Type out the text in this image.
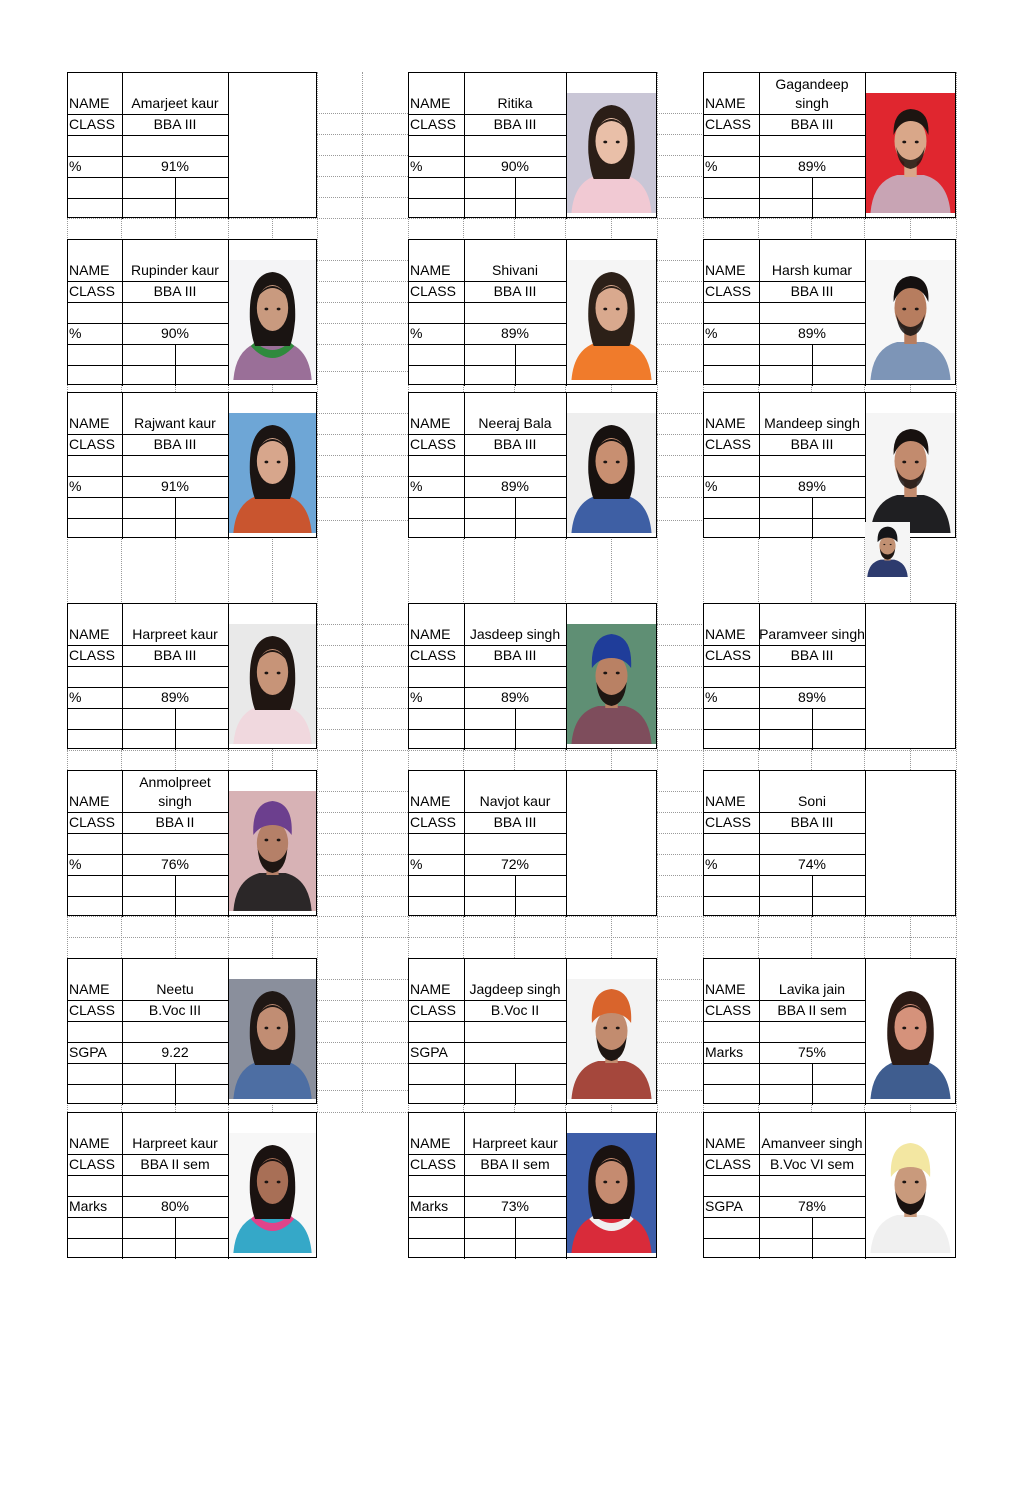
NAME	Amarjeet kaur
CLASS	BBA III
%	91%
NAME	Ritika
CLASS	BBA III
%	90%
NAME
Gagandeep singh
CLASS	BBA III
%	89%
NAME	Rupinder kaur
CLASS	BBA III
%	90%
NAME	Shivani
CLASS	BBA III
%	89%
NAME	Harsh kumar
CLASS	BBA III
%	89%
NAME	Rajwant kaur
CLASS	BBA III
%	91%
NAME	Neeraj Bala
CLASS	BBA III
%	89%
NAME	Mandeep singh
CLASS	BBA III
%	89%
NAME	Harpreet kaur
CLASS	BBA III
%	89%
NAME	Jasdeep singh
CLASS	BBA III
%	89%
NAME Paramveer singh
CLASS	BBA III
%	89%
NAME
Anmolpreet singh
CLASS	BBA II
%	76%
NAME	Navjot kaur
CLASS	BBA III
%	72%
NAME	Soni
CLASS	BBA III
%	74%
NAME	Neetu
CLASS	B.Voc III
SGPA	9.22
NAME	Jagdeep singh
CLASS	B.Voc II
SGPA
NAME	Lavika jain
CLASS	BBA II sem
Marks	75%
NAME	Harpreet kaur
CLASS	BBA II sem
Marks	80%
NAME	Harpreet kaur
CLASS	BBA II sem
Marks	73%
NAME Amanveer singh
CLASS	B.Voc VI sem
SGPA	78%
